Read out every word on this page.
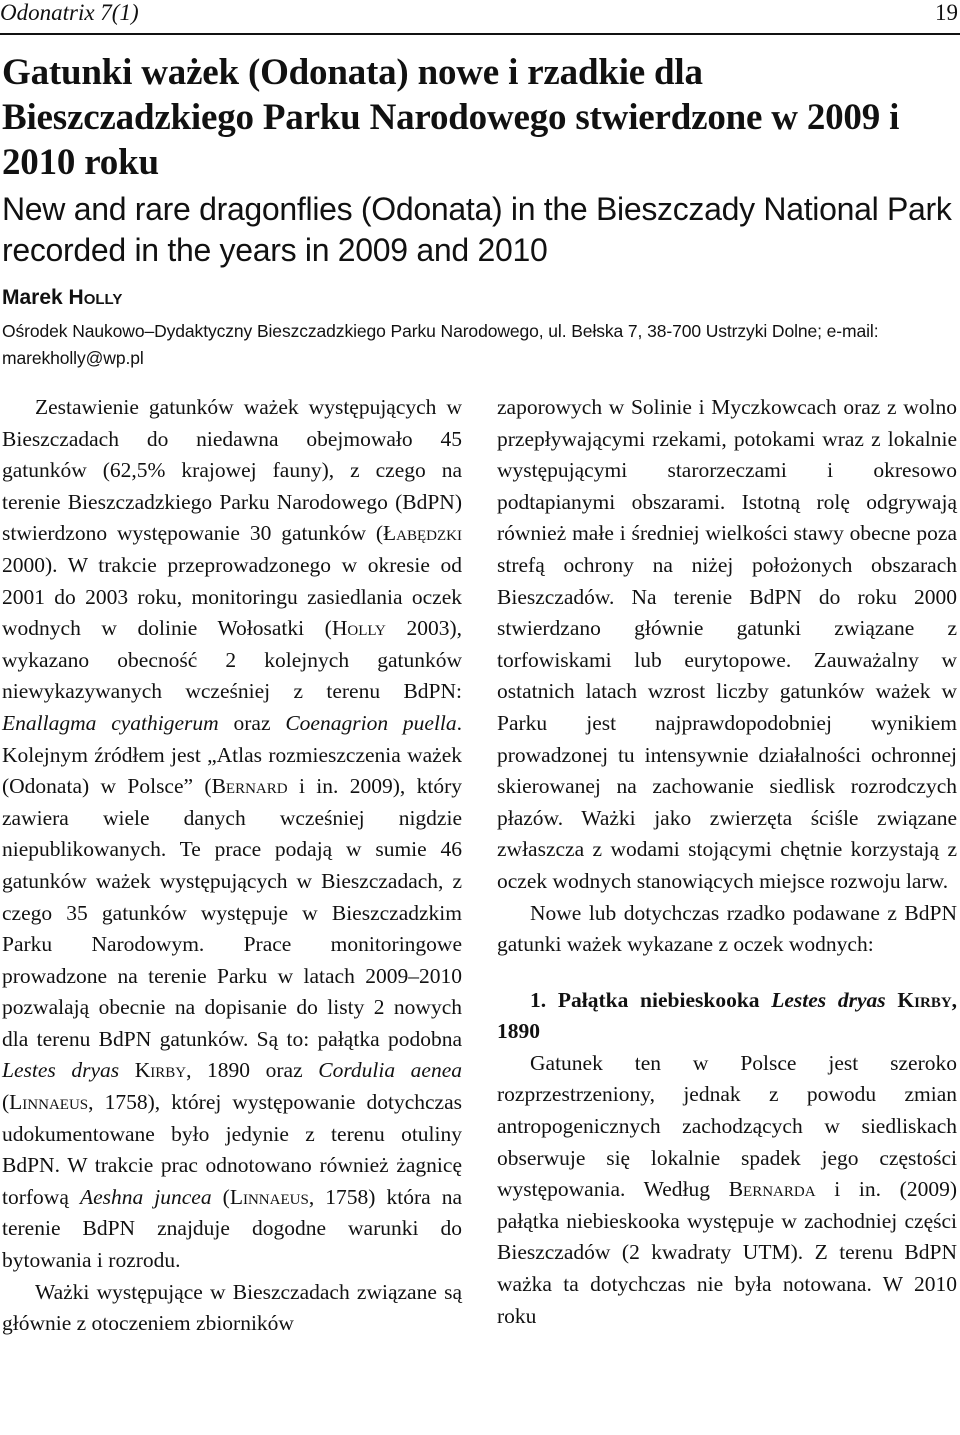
Odonatrix 7(1)	19
Gatunki ważek (Odonata) nowe i rzadkie dla Bieszczadzkiego Parku Narodowego stwierdzone w 2009 i 2010 roku
New and rare dragonflies (Odonata) in the Bieszczady National Park recorded in the years in 2009 and 2010

Marek Holly

Ośrodek Naukowo–Dydaktyczny Bieszczadzkiego Parku Narodowego, ul. Bełska 7, 38-700 Ustrzyki Dolne; e-mail: marekholly@wp.pl

Zestawienie gatunków ważek występujących w Bieszczadach do niedawna obejmowało 45 gatunków (62,5% krajowej fauny), z czego na terenie Bieszczadzkiego Parku Narodowego (BdPN) stwierdzono występowanie 30 gatunków (Łabędzki 2000). W trakcie przeprowadzonego w okresie od 2001 do 2003 roku, monitoringu zasiedlania oczek wodnych w dolinie Wołosatki (Holly 2003), wykazano obecność 2 kolejnych gatunków niewykazywanych wcześniej z terenu BdPN: Enallagma cyathigerum oraz Coenagrion puella. Kolejnym źródłem jest „Atlas rozmieszczenia ważek (Odonata) w Polsce” (Bernard i in. 2009), który zawiera wiele danych wcześniej nigdzie niepublikowanych. Te prace podają w sumie 46 gatunków ważek występujących w Bieszczadach, z czego 35 gatunków występuje w Bieszczadzkim Parku Narodowym. Prace monitoringowe prowadzone na terenie Parku w latach 2009–2010 pozwalają obecnie na dopisanie do listy 2 nowych dla terenu BdPN gatunków. Są to: pałątka podobna Lestes dryas Kirby, 1890 oraz Cordulia aenea (Linnaeus, 1758), której występowanie dotychczas udokumentowane było jedynie z terenu otuliny BdPN. W trakcie prac odnotowano również żagnicę torfową Aeshna juncea (Linnaeus, 1758) która na terenie BdPN znajduje dogodne warunki do bytowania i rozrodu.

Ważki występujące w Bieszczadach związane są głównie z otoczeniem zbiorników

zaporowych w Solinie i Myczkowcach oraz z wolno przepływającymi rzekami, potokami wraz z lokalnie występującymi starorzeczami i okresowo podtapianymi obszarami. Istotną rolę odgrywają również małe i średniej wielkości stawy obecne poza strefą ochrony na niżej położonych obszarach Bieszczadów. Na terenie BdPN do roku 2000 stwierdzano głównie gatunki związane z torfowiskami lub eurytopowe. Zauważalny w ostatnich latach wzrost liczby gatunków ważek w Parku jest najprawdopodobniej wynikiem prowadzonej tu intensywnie działalności ochronnej skierowanej na zachowanie siedlisk rozrodczych płazów. Ważki jako zwierzęta ściśle związane zwłaszcza z wodami stojącymi chętnie korzystają z oczek wodnych stanowiących miejsce rozwoju larw.

Nowe lub dotychczas rzadko podawane z BdPN gatunki ważek wykazane z oczek wodnych:

1. Pałątka niebieskooka Lestes dryas Kirby, 1890

Gatunek ten w Polsce jest szeroko rozprzestrzeniony, jednak z powodu zmian antropogenicznych zachodzących w siedliskach obserwuje się lokalnie spadek jego częstości występowania. Według Bernarda i in. (2009) pałątka niebieskooka występuje w zachodniej części Bieszczadów (2 kwadraty UTM). Z terenu BdPN ważka ta dotychczas nie była notowana. W 2010 roku
